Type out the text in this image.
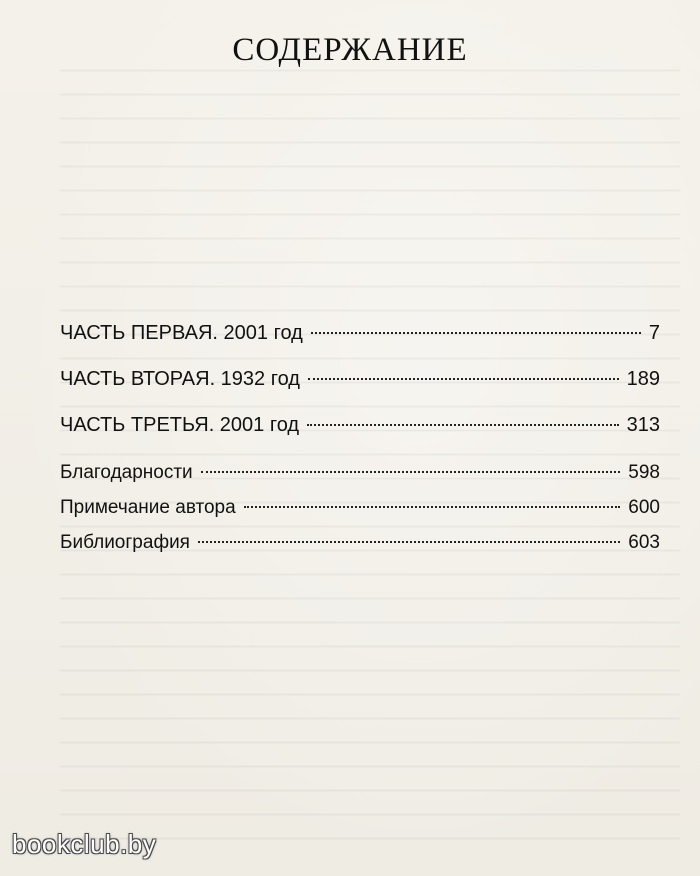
СОДЕРЖАНИЕ
ЧАСТЬ ПЕРВАЯ. 2001 год	7
ЧАСТЬ ВТОРАЯ. 1932 год	189
ЧАСТЬ ТРЕТЬЯ. 2001 год	313
Благодарности	598
Примечание автора	600
Библиография	603
bookclub.by
